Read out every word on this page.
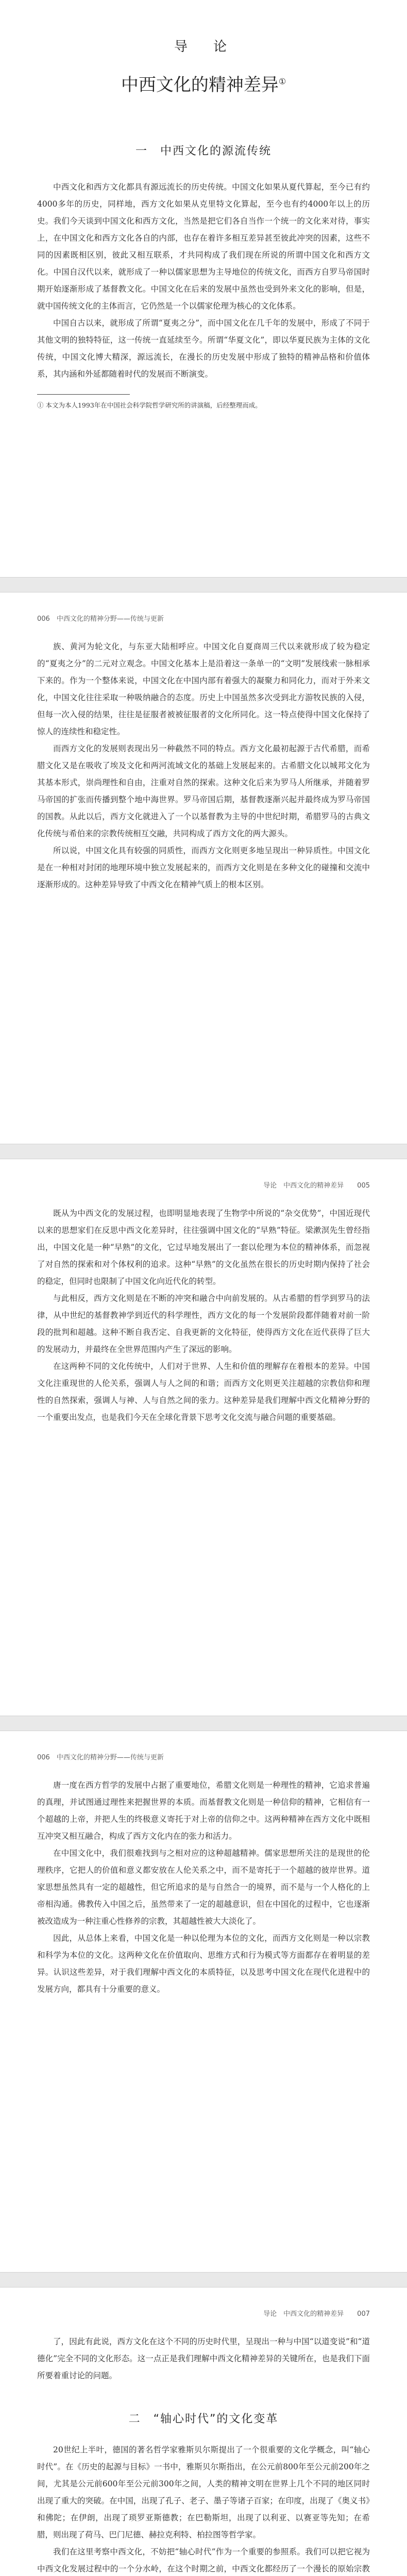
导　论
中西文化的精神差异①
一　中西文化的源流传统

中西文化和西方文化都具有源远流长的历史传统。中国文化如果从夏代算起，至今已有约4000多年的历史，同样地，西方文化如果从克里特文化算起，至今也有约4000年以上的历史。我们今天谈到中国文化和西方文化，当然是把它们各自当作一个统一的文化来对待，事实上，在中国文化和西方文化各自的内部，也存在着许多相互差异甚至彼此冲突的因素，这些不同的因素既相区别，彼此又相互联系，才共同构成了我们现在所说的所谓中国文化和西方文化。中国自汉代以来，就形成了一种以儒家思想为主导地位的传统文化，而西方自罗马帝国时期开始逐渐形成了基督教文化。中国文化在后来的发展中虽然也受到外来文化的影响，但是，就中国传统文化的主体而言，它仍然是一个以儒家伦理为核心的文化体系。

中国自古以来，就形成了所谓“夏夷之分”，而中国文化在几千年的发展中，形成了不同于其他文明的独特特征，这一传统一直延续至今。所谓“华夏文化”，即以华夏民族为主体的文化传统，中国文化博大精深，源远流长，在漫长的历史发展中形成了独特的精神品格和价值体系，其内涵和外延都随着时代的发展而不断演变。

① 本文为本人1993年在中国社会科学院哲学研究所的讲演稿，后经整理而成。

006　中西文化的精神分野——传统与更新

族、黄河为轮文化，与东亚大陆相呼应。中国文化自夏商周三代以来就形成了较为稳定的“夏夷之分”的二元对立观念。中国文化基本上是沿着这一条单一的“文明”发展线索一脉相承下来的。作为一个整体来说，中国文化在中国内部有着强大的凝聚力和同化力，而对于外来文化，中国文化往往采取一种吸纳融合的态度。历史上中国虽然多次受到北方游牧民族的入侵，但每一次入侵的结果，往往是征服者被被征服者的文化所同化。这一特点使得中国文化保持了惊人的连续性和稳定性。

而西方文化的发展则表现出另一种截然不同的特点。西方文化最初起源于古代希腊，而希腊文化又是在吸收了埃及文化和两河流域文化的基础上发展起来的。古希腊文化以城邦文化为其基本形式，崇尚理性和自由，注重对自然的探索。这种文化后来为罗马人所继承，并随着罗马帝国的扩张而传播到整个地中海世界。罗马帝国后期，基督教逐渐兴起并最终成为罗马帝国的国教。从此以后，西方文化就进入了一个以基督教为主导的中世纪时期，希腊罗马的古典文化传统与希伯来的宗教传统相互交融，共同构成了西方文化的两大源头。

所以说，中国文化具有较强的同质性，而西方文化则更多地呈现出一种异质性。中国文化是在一种相对封闭的地理环境中独立发展起来的，而西方文化则是在多种文化的碰撞和交流中逐渐形成的。这种差异导致了中西文化在精神气质上的根本区别。

导论　中西文化的精神差异　　005

既从为中西文化的发展过程，也即明显地表现了生物学中所说的“杂交优势”，中国近现代以来的思想家们在反思中西文化差异时，往往强调中国文化的“早熟”特征。梁漱溟先生曾经指出，中国文化是一种“早熟”的文化，它过早地发展出了一套以伦理为本位的精神体系，而忽视了对自然的探索和对个体权利的追求。这种“早熟”的文化虽然在很长的历史时期内保持了社会的稳定，但同时也限制了中国文化向近代化的转型。

与此相反，西方文化则是在不断的冲突和融合中向前发展的。从古希腊的哲学到罗马的法律，从中世纪的基督教神学到近代的科学理性，西方文化的每一个发展阶段都伴随着对前一阶段的批判和超越。这种不断自我否定、自我更新的文化特征，使得西方文化在近代获得了巨大的发展动力，并最终在全世界范围内产生了深远的影响。

在这两种不同的文化传统中，人们对于世界、人生和价值的理解存在着根本的差异。中国文化注重现世的人伦关系，强调人与人之间的和谐；而西方文化则更关注超越的宗教信仰和理性的自然探索，强调人与神、人与自然之间的张力。这种差异是我们理解中西文化精神分野的一个重要出发点，也是我们今天在全球化背景下思考文化交流与融合问题的重要基础。

006　中西文化的精神分野——传统与更新

唐一度在西方哲学的发展中占据了重要地位，希腊文化则是一种理性的精神，它追求普遍的真理，并试图通过理性来把握世界的本质。而基督教文化则是一种信仰的精神，它相信有一个超越的上帝，并把人生的终极意义寄托于对上帝的信仰之中。这两种精神在西方文化中既相互冲突又相互融合，构成了西方文化内在的张力和活力。

在中国文化中，我们很难找到与之相对应的这种超越精神。儒家思想所关注的是现世的伦理秩序，它把人的价值和意义都安放在人伦关系之中，而不是寄托于一个超越的彼岸世界。道家思想虽然具有一定的超越性，但它所追求的是与自然合一的境界，而不是与一个人格化的上帝相沟通。佛教传入中国之后，虽然带来了一定的超越意识，但在中国化的过程中，它也逐渐被改造成为一种注重心性修养的宗教，其超越性被大大淡化了。

因此，从总体上来看，中国文化是一种以伦理为本位的文化，而西方文化则是一种以宗教和科学为本位的文化。这两种文化在价值取向、思维方式和行为模式等方面都存在着明显的差异。认识这些差异，对于我们理解中西文化的本质特征，以及思考中国文化在现代化进程中的发展方向，都具有十分重要的意义。

导论　中西文化的精神差异　　007

了，因此有此说，西方文化在这个不同的历史时代里，呈现出一种与中国“以道变说”和“道德化”完全不同的文化形态。这一点正是我们理解中西文化精神差异的关键所在，也是我们下面所要着重讨论的问题。

二　“轴心时代”的文化变革

20世纪上半叶，德国的著名哲学家雅斯贝尔斯提出了一个很重要的文化学概念，叫“轴心时代”。在《历史的起源与目标》一书中，雅斯贝尔斯指出，在公元前800年至公元前200年之间，尤其是公元前600年至公元前300年之间，人类的精神文明在世界上几个不同的地区同时出现了重大的突破。在中国，出现了孔子、老子、墨子等诸子百家；在印度，出现了《奥义书》和佛陀；在伊朗，出现了琐罗亚斯德教；在巴勒斯坦，出现了以利亚、以赛亚等先知；在希腊，则出现了荷马、巴门尼德、赫拉克利特、柏拉图等哲学家。

我们在这里考察中西文化，不妨把“轴心时代”作为一个重要的参照系。我们可以把它视为中西文化发展过程中的一个分水岭，在这个时期之前，中西文化都经历了一个漫长的原始宗教
